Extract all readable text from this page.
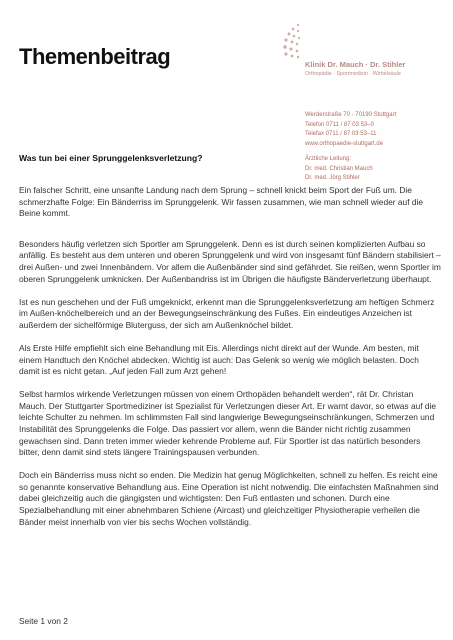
Themenbeitrag	Klinik Dr. Mauch · Dr. Stihler
Orthopädie · Sportmedizin · Wirbelsäule
Werderstraße 70 · 70190 Stuttgart
Telefon 0711 / 87 03 53–0
Telefax 0711 / 87 03 53–11
www.orthopaedie-stuttgart.de
Ärztliche Leitung:
Dr. med. Christian Mauch
Dr. med. Jörg Stihler
Was tun bei einer Sprunggelenksverletzung?

Ein falscher Schritt, eine unsanfte Landung nach dem Sprung – schnell knickt beim Sport der Fuß um. Die schmerzhafte Folge: Ein Bänderriss im Sprunggelenk. Wir fassen zusammen, wie man schnell wieder auf die Beine kommt.

Besonders häufig verletzen sich Sportler am Sprunggelenk. Denn es ist durch seinen komplizierten Aufbau so anfällig. Es besteht aus dem unteren und oberen Sprunggelenk und wird von insgesamt fünf Bändern stabilisiert – drei Außen- und zwei Innenbändern. Vor allem die Außenbänder sind sind gefährdet. Sie reißen, wenn Sportler im oberen Sprunggelenk umknicken. Der Außenbandriss ist im Übrigen die häufigste Bänderverletzung überhaupt.

Ist es nun geschehen und der Fuß umgeknickt, erkennt man die Sprunggelenksverletzung am heftigen Schmerz im Außen-knöchelbereich und an der Bewegungseinschränkung des Fußes. Ein eindeutiges Anzeichen ist außerdem der sichelförmige Bluterguss, der sich am Außenknöchel bildet.

Als Erste Hilfe empfiehlt sich eine Behandlung mit Eis. Allerdings nicht direkt auf der Wunde. Am besten, mit einem Handtuch den Knöchel abdecken. Wichtig ist auch: Das Gelenk so wenig wie möglich belasten. Doch damit ist es nicht getan. „Auf jeden Fall zum Arzt gehen!

Selbst harmlos wirkende Verletzungen müssen von einem Orthopäden behandelt werden“, rät Dr. Christan Mauch. Der Stuttgarter Sportmediziner ist Spezialist für Verletzungen dieser Art. Er warnt davor, so etwas auf die leichte Schulter zu nehmen. Im schlimmsten Fall sind langwierige Bewegungseinschränkungen, Schmerzen und Instabilität des Sprunggelenks die Folge. Das passiert vor allem, wenn die Bänder nicht richtig zusammen gewachsen sind. Dann treten immer wieder kehrende Probleme auf. Für Sportler ist das natürlich besonders bitter, denn damit sind stets längere Trainingspausen verbunden.

Doch ein Bänderriss muss nicht so enden. Die Medizin hat genug Möglichkeiten, schnell zu helfen. Es reicht eine so genannte konservative Behandlung aus. Eine Operation ist nicht notwendig. Die einfachsten Maßnahmen sind dabei gleichzeitig auch die gängigsten und wichtigsten: Den Fuß entlasten und schonen. Durch eine Spezialbehandlung mit einer abnehmbaren Schiene (Aircast) und gleichzeitiger Physiotherapie verheilen die Bänder meist innerhalb von vier bis sechs Wochen vollständig.

Seite 1 von 2
